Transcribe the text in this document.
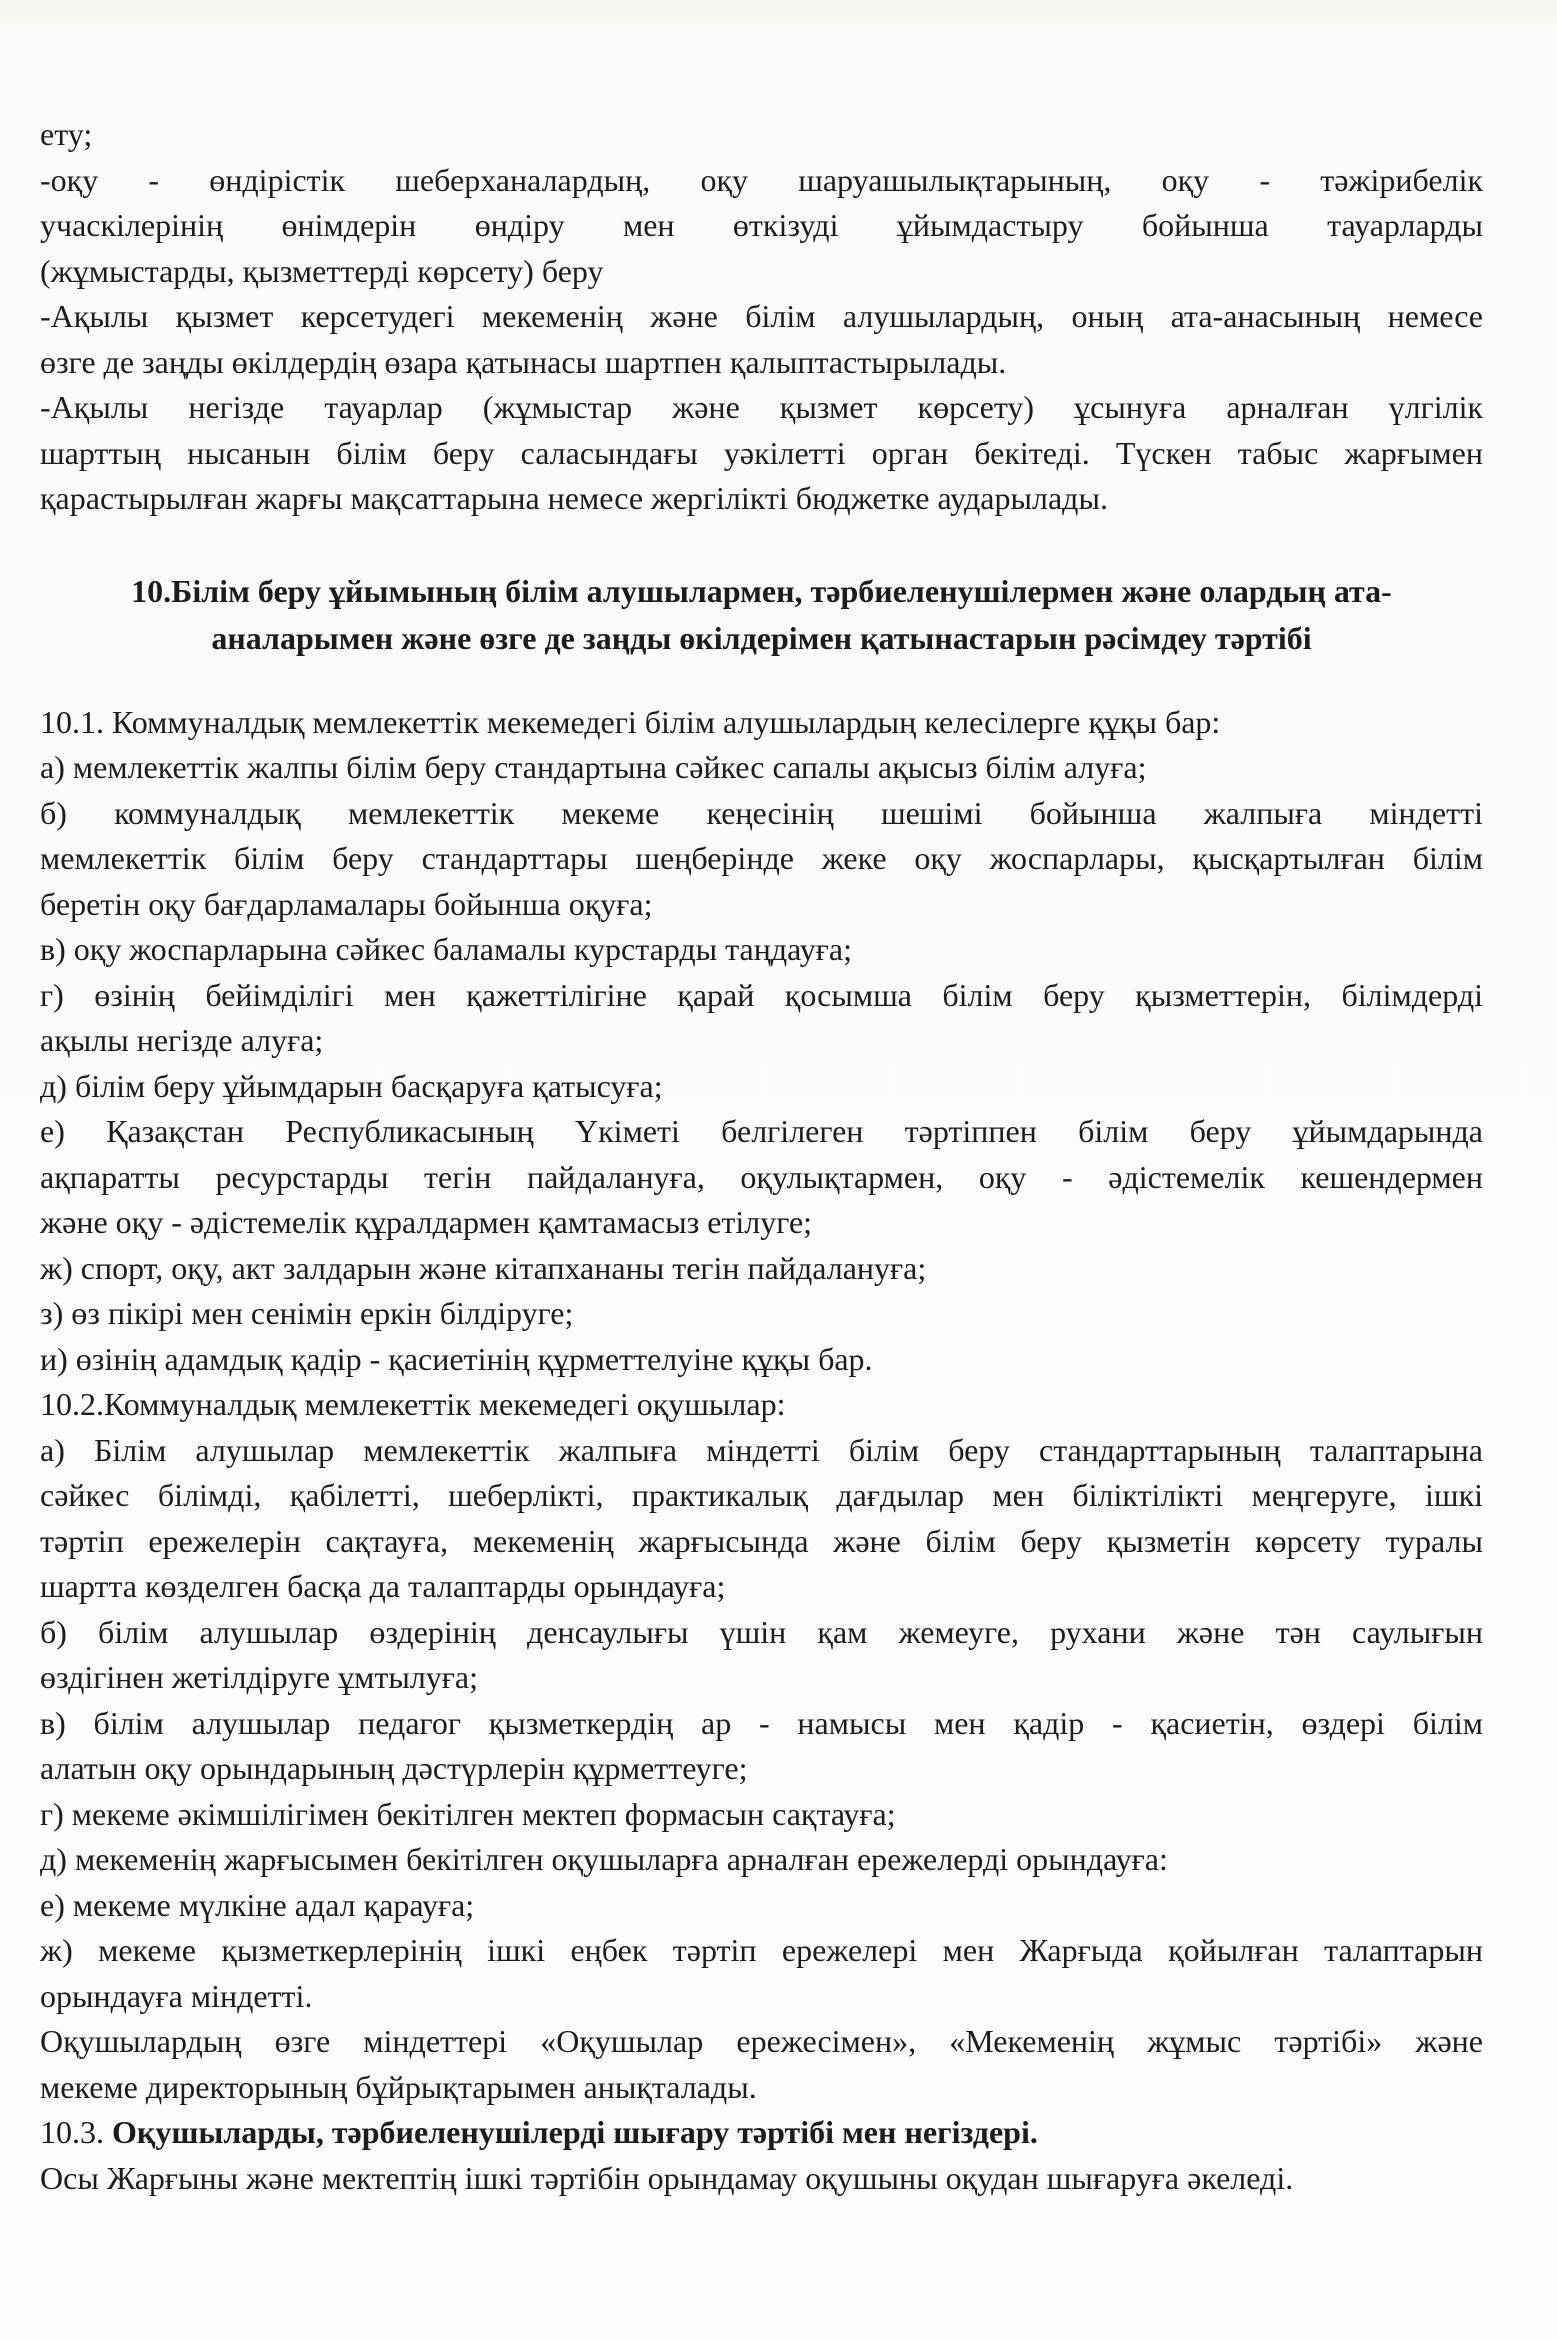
ету;
-оқу - өндірістік шеберханалардың, оқу шаруашылықтарының, оқу - тәжірибелік
учаскілерінің өнімдерін өндіру мен өткізуді ұйымдастыру бойынша тауарларды
(жұмыстарды, қызметтерді көрсету) беру
-Ақылы қызмет керсетудегі мекеменің және білім алушылардың, оның ата-анасының немесе
өзге де заңды өкілдердің өзара қатынасы шартпен қалыптастырылады.
-Ақылы негізде тауарлар (жұмыстар және қызмет көрсету) ұсынуға арналған үлгілік
шарттың нысанын білім беру саласындағы уәкілетті орган бекітеді. Түскен табыс жарғымен
қарастырылған жарғы мақсаттарына немесе жергілікті бюджетке аударылады.
10.Білім беру ұйымының білім алушылармен, тәрбиеленушілермен және олардың ата-
аналарымен және өзге де заңды өкілдерімен қатынастарын рәсімдеу тәртібі
10.1. Коммуналдық мемлекеттік мекемедегі білім алушылардың келесілерге құқы бар:
а) мемлекеттік жалпы білім беру стандартына сәйкес сапалы ақысыз білім алуға;
б) коммуналдық мемлекеттік мекеме кеңесінің шешімі бойынша жалпыға міндетті
мемлекеттік білім беру стандарттары шеңберінде жеке оқу жоспарлары, қысқартылған білім
беретін оқу бағдарламалары бойынша оқуға;
в) оқу жоспарларына сәйкес баламалы курстарды таңдауға;
г) өзінің бейімділігі мен қажеттілігіне қарай қосымша білім беру қызметтерін, білімдерді
ақылы негізде алуға;
д) білім беру ұйымдарын басқаруға қатысуға;
е) Қазақстан Республикасының Үкіметі белгілеген тәртіппен білім беру ұйымдарында
ақпаратты ресурстарды тегін пайдалануға, оқулықтармен, оқу - әдістемелік кешендермен
және оқу - әдістемелік құралдармен қамтамасыз етілуге;
ж) спорт, оқу, акт залдарын және кітапхананы тегін пайдалануға;
з) өз пікірі мен сенімін еркін білдіруге;
и) өзінің адамдық қадір - қасиетінің құрметтелуіне құқы бар.
10.2.Коммуналдық мемлекеттік мекемедегі оқушылар:
а) Білім алушылар мемлекеттік жалпыға міндетті білім беру стандарттарының талаптарына
сәйкес білімді, қабілетті, шеберлікті, практикалық дағдылар мен біліктілікті меңгеруге, ішкі
тәртіп ережелерін сақтауға, мекеменің жарғысында және білім беру қызметін көрсету туралы
шартта көзделген басқа да талаптарды орындауға;
б) білім алушылар өздерінің денсаулығы үшін қам жемеуге, рухани және тән саулығын
өздігінен жетілдіруге ұмтылуға;
в) білім алушылар педагог қызметкердің ар - намысы мен қадір - қасиетін, өздері білім
алатын оқу орындарының дәстүрлерін құрметтеуге;
г) мекеме әкімшілігімен бекітілген мектеп формасын сақтауға;
д) мекеменің жарғысымен бекітілген оқушыларға арналған ережелерді орындауға:
е) мекеме мүлкіне адал қарауға;
ж) мекеме қызметкерлерінің ішкі еңбек тәртіп ережелері мен Жарғыда қойылған талаптарын
орындауға міндетті.
Оқушылардың өзге міндеттері «Оқушылар ережесімен», «Мекеменің жұмыс тәртібі» және
мекеме директорының бұйрықтарымен анықталады.
10.3. Оқушыларды, тәрбиеленушілерді шығару тәртібі мен негіздері.
Осы Жарғыны және мектептің ішкі тәртібін орындамау оқушыны оқудан шығаруға әкеледі.
